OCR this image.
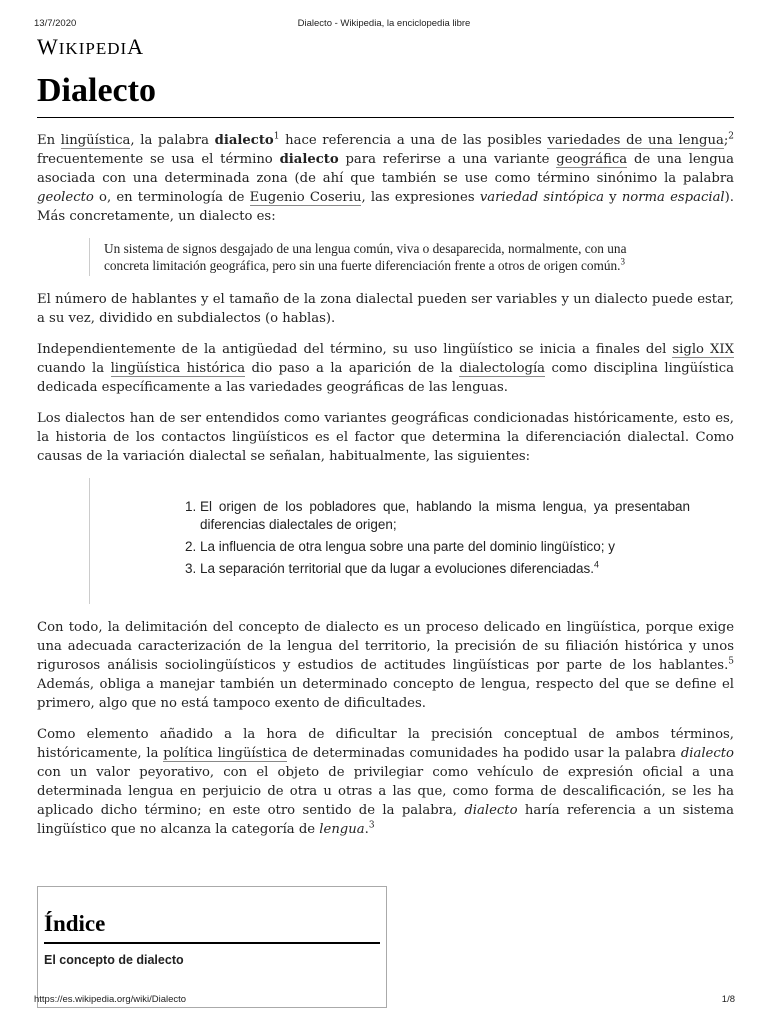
13/7/2020	Dialecto - Wikipedia, la enciclopedia libre
WIKIPEDIA
Dialecto

En lingüística, la palabra dialecto$^1$ hace referencia a una de las posibles variedades de una lengua;$^2$ frecuentemente se usa el término dialecto para referirse a una variante geográfica de una lengua asociada con una determinada zona (de ahí que también se use como término sinónimo la palabra geolecto o, en terminología de Eugenio Coseriu, las expresiones variedad sintópica y norma espacial). Más concretamente, un dialecto es:

Un sistema de signos desgajado de una lengua común, viva o desaparecida, normalmente, con una concreta limitación geográfica, pero sin una fuerte diferenciación frente a otros de origen común.$^3$

El número de hablantes y el tamaño de la zona dialectal pueden ser variables y un dialecto puede estar, a su vez, dividido en subdialectos (o hablas).

Independientemente de la antigüedad del término, su uso lingüístico se inicia a finales del siglo XIX cuando la lingüística histórica dio paso a la aparición de la dialectología como disciplina lingüística dedicada específicamente a las variedades geográficas de las lenguas.

Los dialectos han de ser entendidos como variantes geográficas condicionadas históricamente, esto es, la historia de los contactos lingüísticos es el factor que determina la diferenciación dialectal. Como causas de la variación dialectal se señalan, habitualmente, las siguientes:

1. El origen de los pobladores que, hablando la misma lengua, ya presentaban diferencias dialectales de origen;
2. La influencia de otra lengua sobre una parte del dominio lingüístico; y
3. La separación territorial que da lugar a evoluciones diferenciadas.$^4$

Con todo, la delimitación del concepto de dialecto es un proceso delicado en lingüística, porque exige una adecuada caracterización de la lengua del territorio, la precisión de su filiación histórica y unos rigurosos análisis sociolingüísticos y estudios de actitudes lingüísticas por parte de los hablantes.$^5$ Además, obliga a manejar también un determinado concepto de lengua, respecto del que se define el primero, algo que no está tampoco exento de dificultades.

Como elemento añadido a la hora de dificultar la precisión conceptual de ambos términos, históricamente, la política lingüística de determinadas comunidades ha podido usar la palabra dialecto con un valor peyorativo, con el objeto de privilegiar como vehículo de expresión oficial a una determinada lengua en perjuicio de otra u otras a las que, como forma de descalificación, se les ha aplicado dicho término; en este otro sentido de la palabra, dialecto haría referencia a un sistema lingüístico que no alcanza la categoría de lengua.$^3$

Índice
El concepto de dialecto
https://es.wikipedia.org/wiki/Dialecto	1/8
